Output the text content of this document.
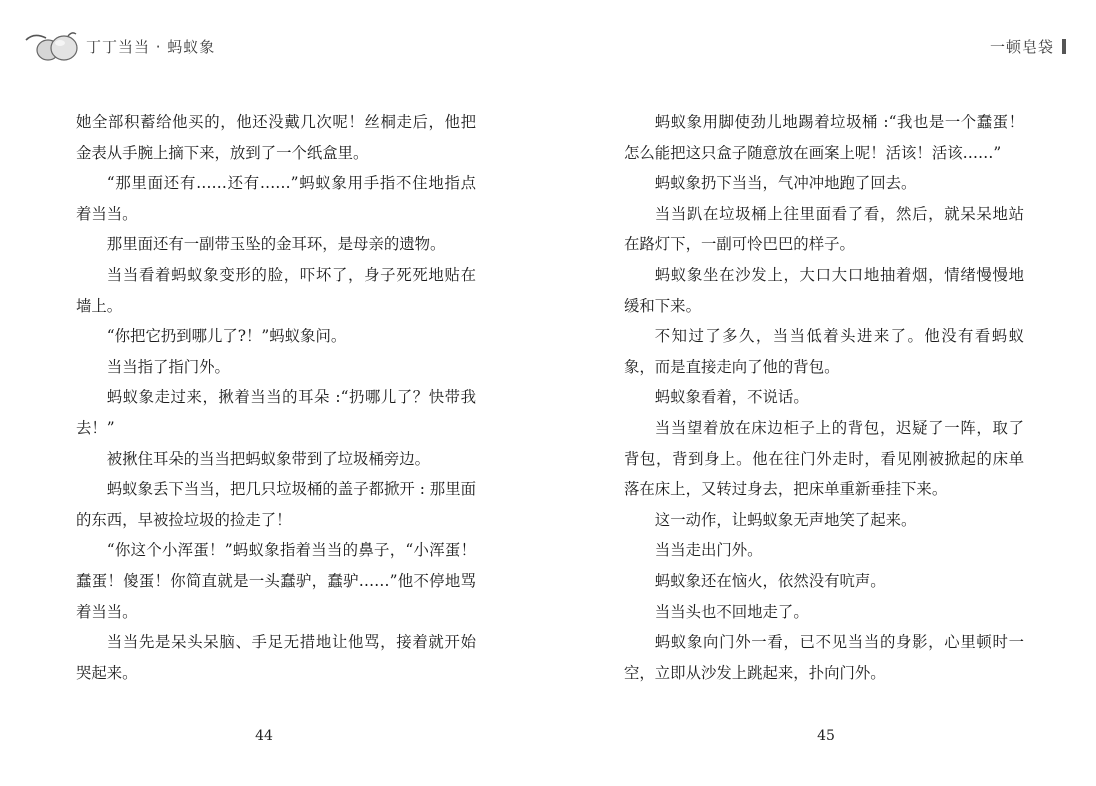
丁丁当当 · 蚂蚁象	一顿皂袋

她全部积蓄给他买的，他还没戴几次呢！丝桐走后，他把金表从手腕上摘下来，放到了一个纸盒里。

“那里面还有……还有……”蚂蚁象用手指不住地指点着当当。

那里面还有一副带玉坠的金耳环，是母亲的遗物。

当当看着蚂蚁象变形的脸，吓坏了，身子死死地贴在墙上。

“你把它扔到哪儿了?！”蚂蚁象问。

当当指了指门外。

蚂蚁象走过来，揪着当当的耳朵 :“扔哪儿了？快带我去！”

被揪住耳朵的当当把蚂蚁象带到了垃圾桶旁边。

蚂蚁象丢下当当，把几只垃圾桶的盖子都掀开 : 那里面的东西，早被捡垃圾的捡走了！

“你这个小浑蛋！”蚂蚁象指着当当的鼻子，“小浑蛋！蠢蛋！傻蛋！你简直就是一头蠢驴，蠢驴……”他不停地骂着当当。

当当先是呆头呆脑、手足无措地让他骂，接着就开始哭起来。

蚂蚁象用脚使劲儿地踢着垃圾桶 :“我也是一个蠢蛋！怎么能把这只盒子随意放在画案上呢！活该！活该……”

蚂蚁象扔下当当，气冲冲地跑了回去。

当当趴在垃圾桶上往里面看了看，然后，就呆呆地站在路灯下，一副可怜巴巴的样子。

蚂蚁象坐在沙发上，大口大口地抽着烟，情绪慢慢地缓和下来。

不知过了多久，当当低着头进来了。他没有看蚂蚁象，而是直接走向了他的背包。

蚂蚁象看着，不说话。

当当望着放在床边柜子上的背包，迟疑了一阵，取了背包，背到身上。他在往门外走时，看见刚被掀起的床单落在床上，又转过身去，把床单重新垂挂下来。

这一动作，让蚂蚁象无声地笑了起来。

当当走出门外。

蚂蚁象还在恼火，依然没有吭声。

当当头也不回地走了。

蚂蚁象向门外一看，已不见当当的身影，心里顿时一空，立即从沙发上跳起来，扑向门外。

44	45
